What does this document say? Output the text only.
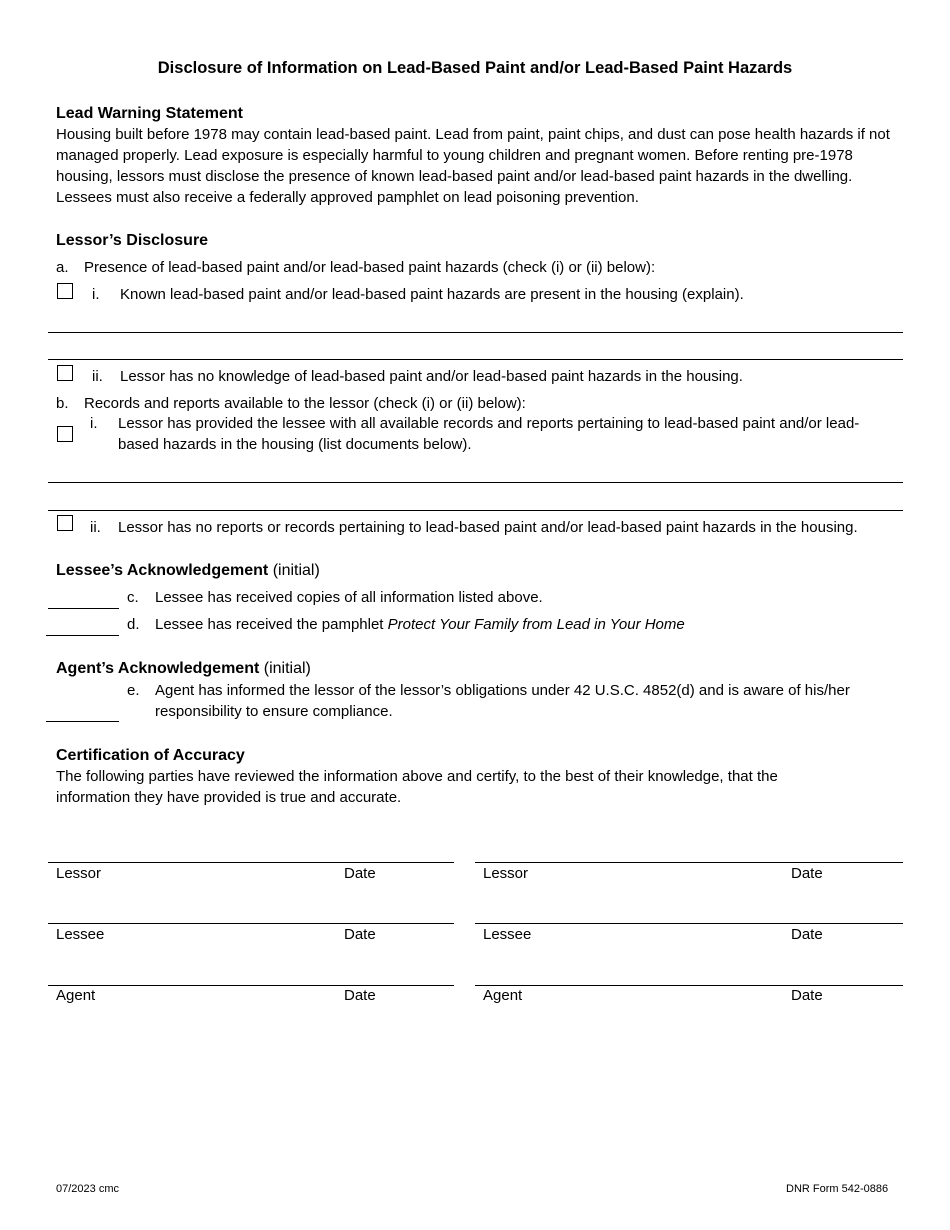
Disclosure of Information on Lead-Based Paint and/or Lead-Based Paint Hazards
Lead Warning Statement
Housing built before 1978 may contain lead-based paint. Lead from paint, paint chips, and dust can pose health hazards if not managed properly. Lead exposure is especially harmful to young children and pregnant women. Before renting pre-1978 housing, lessors must disclose the presence of known lead-based paint and/or lead-based paint hazards in the dwelling. Lessees must also receive a federally approved pamphlet on lead poisoning prevention.
Lessor’s Disclosure
a. Presence of lead-based paint and/or lead-based paint hazards (check (i) or (ii) below):
i. Known lead-based paint and/or lead-based paint hazards are present in the housing (explain).
ii. Lessor has no knowledge of lead-based paint and/or lead-based paint hazards in the housing.
b. Records and reports available to the lessor (check (i) or (ii) below):
i. Lessor has provided the lessee with all available records and reports pertaining to lead-based paint and/or lead-based hazards in the housing (list documents below).
ii. Lessor has no reports or records pertaining to lead-based paint and/or lead-based paint hazards in the housing.
Lessee’s Acknowledgement (initial)
c. Lessee has received copies of all information listed above.
d. Lessee has received the pamphlet Protect Your Family from Lead in Your Home
Agent’s Acknowledgement (initial)
e. Agent has informed the lessor of the lessor’s obligations under 42 U.S.C. 4852(d) and is aware of his/her responsibility to ensure compliance.
Certification of Accuracy
The following parties have reviewed the information above and certify, to the best of their knowledge, that the information they have provided is true and accurate.
Lessor	Date
Lessee	Date
Agent	Date
Lessor	Date
Lessee	Date
Agent	Date
07/2023 cmc	DNR Form 542-0886
